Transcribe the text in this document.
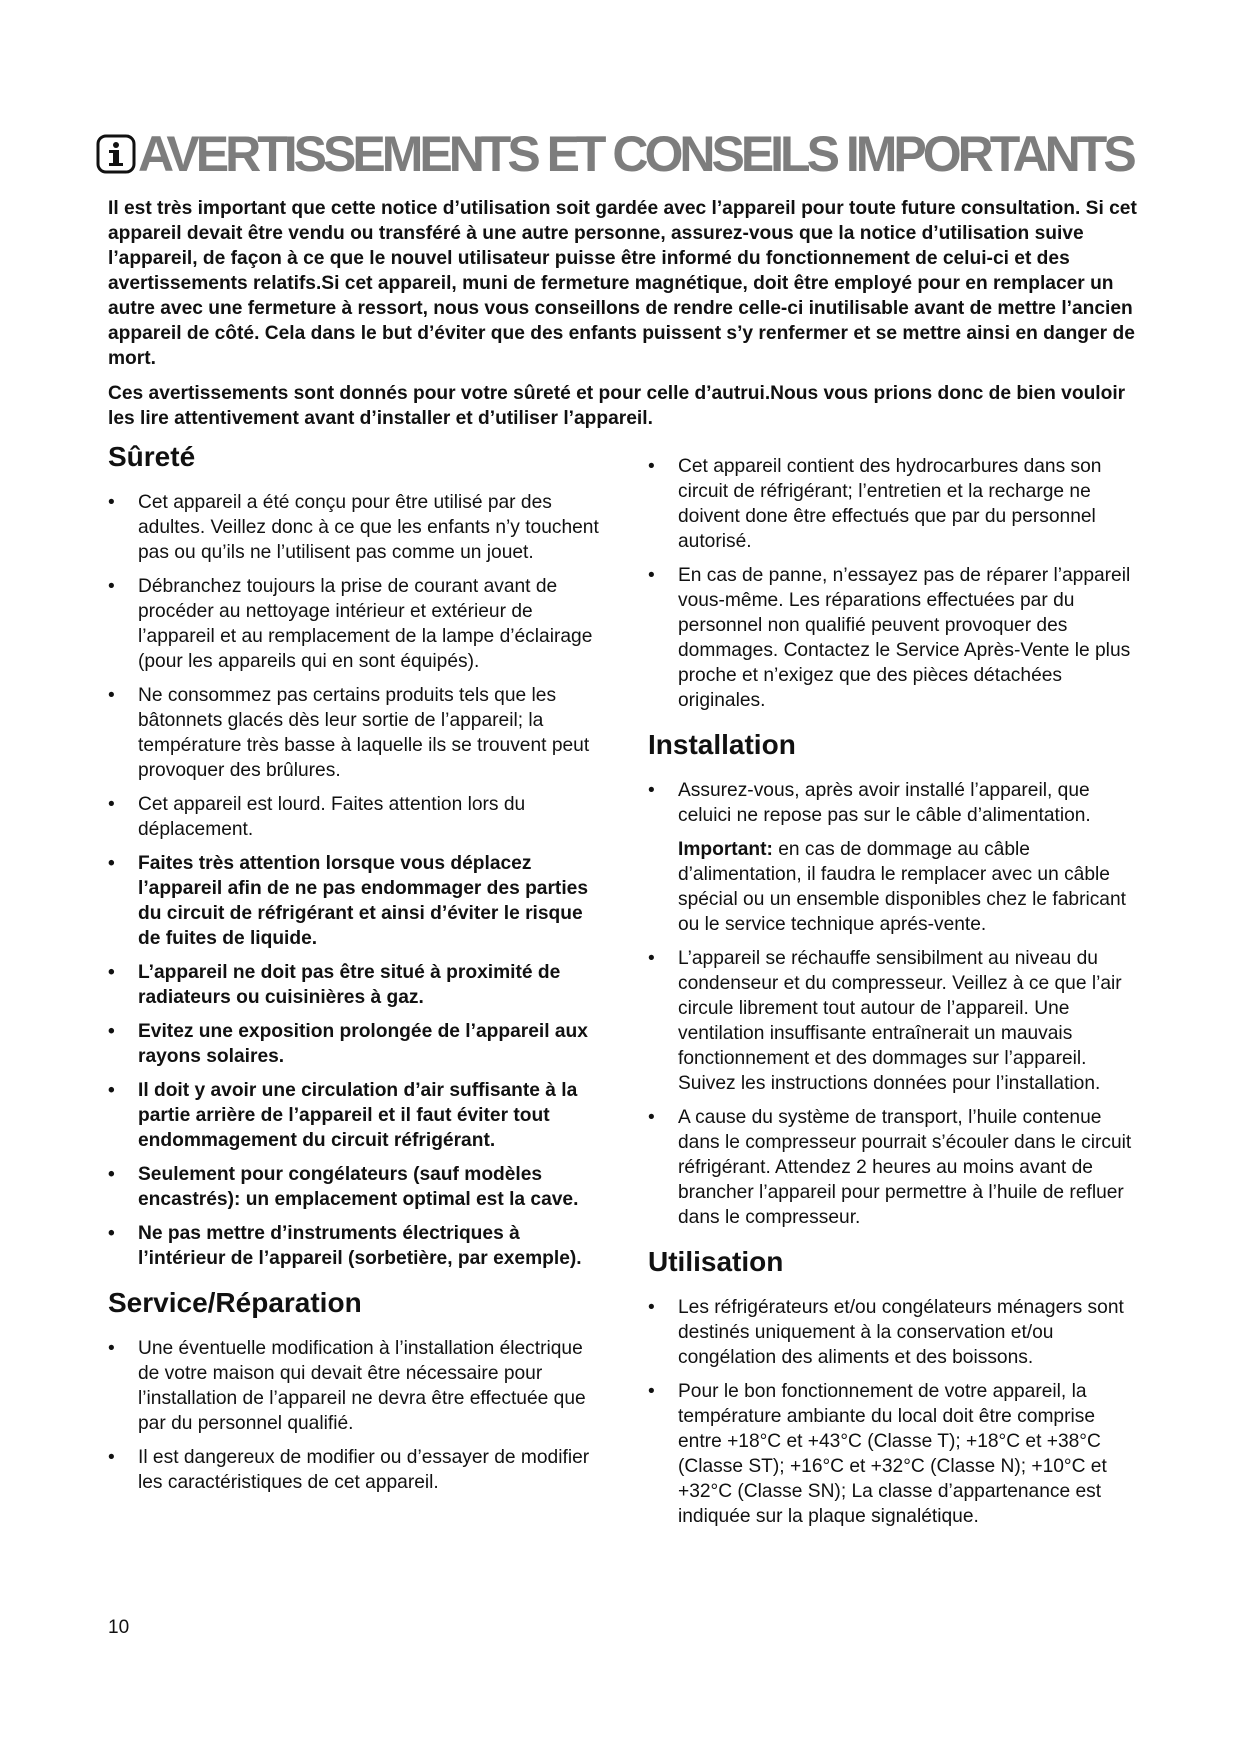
AVERTISSEMENTS ET CONSEILS IMPORTANTS

Il est très important que cette notice d’utilisation soit gardée avec l’appareil pour toute future consultation. Si cet appareil devait être vendu ou transféré à une autre personne, assurez-vous que la notice d’utilisation suive l’appareil, de façon à ce que le nouvel utilisateur puisse être informé du fonctionnement de celui-ci et des avertissements relatifs.Si cet appareil, muni de fermeture magnétique, doit être employé pour en remplacer un autre avec une fermeture à ressort, nous vous conseillons de rendre celle-ci inutilisable avant de mettre l’ancien appareil de côté. Cela dans le but d’éviter que des enfants puissent s’y renfermer et se mettre ainsi en danger de mort.

Ces avertissements sont donnés pour votre sûreté et pour celle d’autrui.Nous vous prions donc de bien vouloir les lire attentivement avant d’installer et d’utiliser l’appareil.

Sûreté
• Cet appareil a été conçu pour être utilisé par des adultes. Veillez donc à ce que les enfants n’y touchent pas ou qu’ils ne l’utilisent pas comme un jouet.
• Débranchez toujours la prise de courant avant de procéder au nettoyage intérieur et extérieur de l’appareil et au remplacement de la lampe d’éclairage (pour les appareils qui en sont équipés).
• Ne consommez pas certains produits tels que les bâtonnets glacés dès leur sortie de l’appareil; la température très basse à laquelle ils se trouvent peut provoquer des brûlures.
• Cet appareil est lourd. Faites attention lors du déplacement.
• Faites très attention lorsque vous déplacez l’appareil afin de ne pas endommager des parties du circuit de réfrigérant et ainsi d’éviter le risque de fuites de liquide.
• L’appareil ne doit pas être situé à proximité de radiateurs ou cuisinières à gaz.
• Evitez une exposition prolongée de l’appareil aux rayons solaires.
• Il doit y avoir une circulation d’air suffisante à la partie arrière de l’appareil et il faut éviter tout endommagement du circuit réfrigérant.
• Seulement pour congélateurs (sauf modèles encastrés): un emplacement optimal est la cave.
• Ne pas mettre d’instruments électriques à l’intérieur de l’appareil (sorbetière, par exemple).
Service/Réparation
• Une éventuelle modification à l’installation électrique de votre maison qui devait être nécessaire pour l’installation de l’appareil ne devra être effectuée que par du personnel qualifié.
• Il est dangereux de modifier ou d’essayer de modifier les caractéristiques de cet appareil.
• Cet appareil contient des hydrocarbures dans son circuit de réfrigérant; l’entretien et la recharge ne doivent done être effectués que par du personnel autorisé.
• En cas de panne, n’essayez pas de réparer l’appareil vous-même. Les réparations effectuées par du personnel non qualifié peuvent provoquer des dommages. Contactez le Service Après-Vente le plus proche et n’exigez que des pièces détachées originales.
Installation
• Assurez-vous, après avoir installé l’appareil, que celuici ne repose pas sur le câble d’alimentation.
Important: en cas de dommage au câble d’alimentation, il faudra le remplacer avec un câble spécial ou un ensemble disponibles chez le fabricant ou le service technique aprés-vente.
• L’appareil se réchauffe sensibilment au niveau du condenseur et du compresseur. Veillez à ce que l’air circule librement tout autour de l’appareil. Une ventilation insuffisante entraînerait un mauvais fonctionnement et des dommages sur l’appareil. Suivez les instructions données pour l’installation.
• A cause du système de transport, l’huile contenue dans le compresseur pourrait s’écouler dans le circuit réfrigérant. Attendez 2 heures au moins avant de brancher l’appareil pour permettre à l’huile de refluer dans le compresseur.
Utilisation
• Les réfrigérateurs et/ou congélateurs ménagers sont destinés uniquement à la conservation et/ou congélation des aliments et des boissons.
• Pour le bon fonctionnement de votre appareil, la température ambiante du local doit être comprise entre +18°C et +43°C (Classe T); +18°C et +38°C (Classe ST); +16°C et +32°C (Classe N); +10°C et +32°C (Classe SN); La classe d’appartenance est indiquée sur la plaque signalétique.
10
